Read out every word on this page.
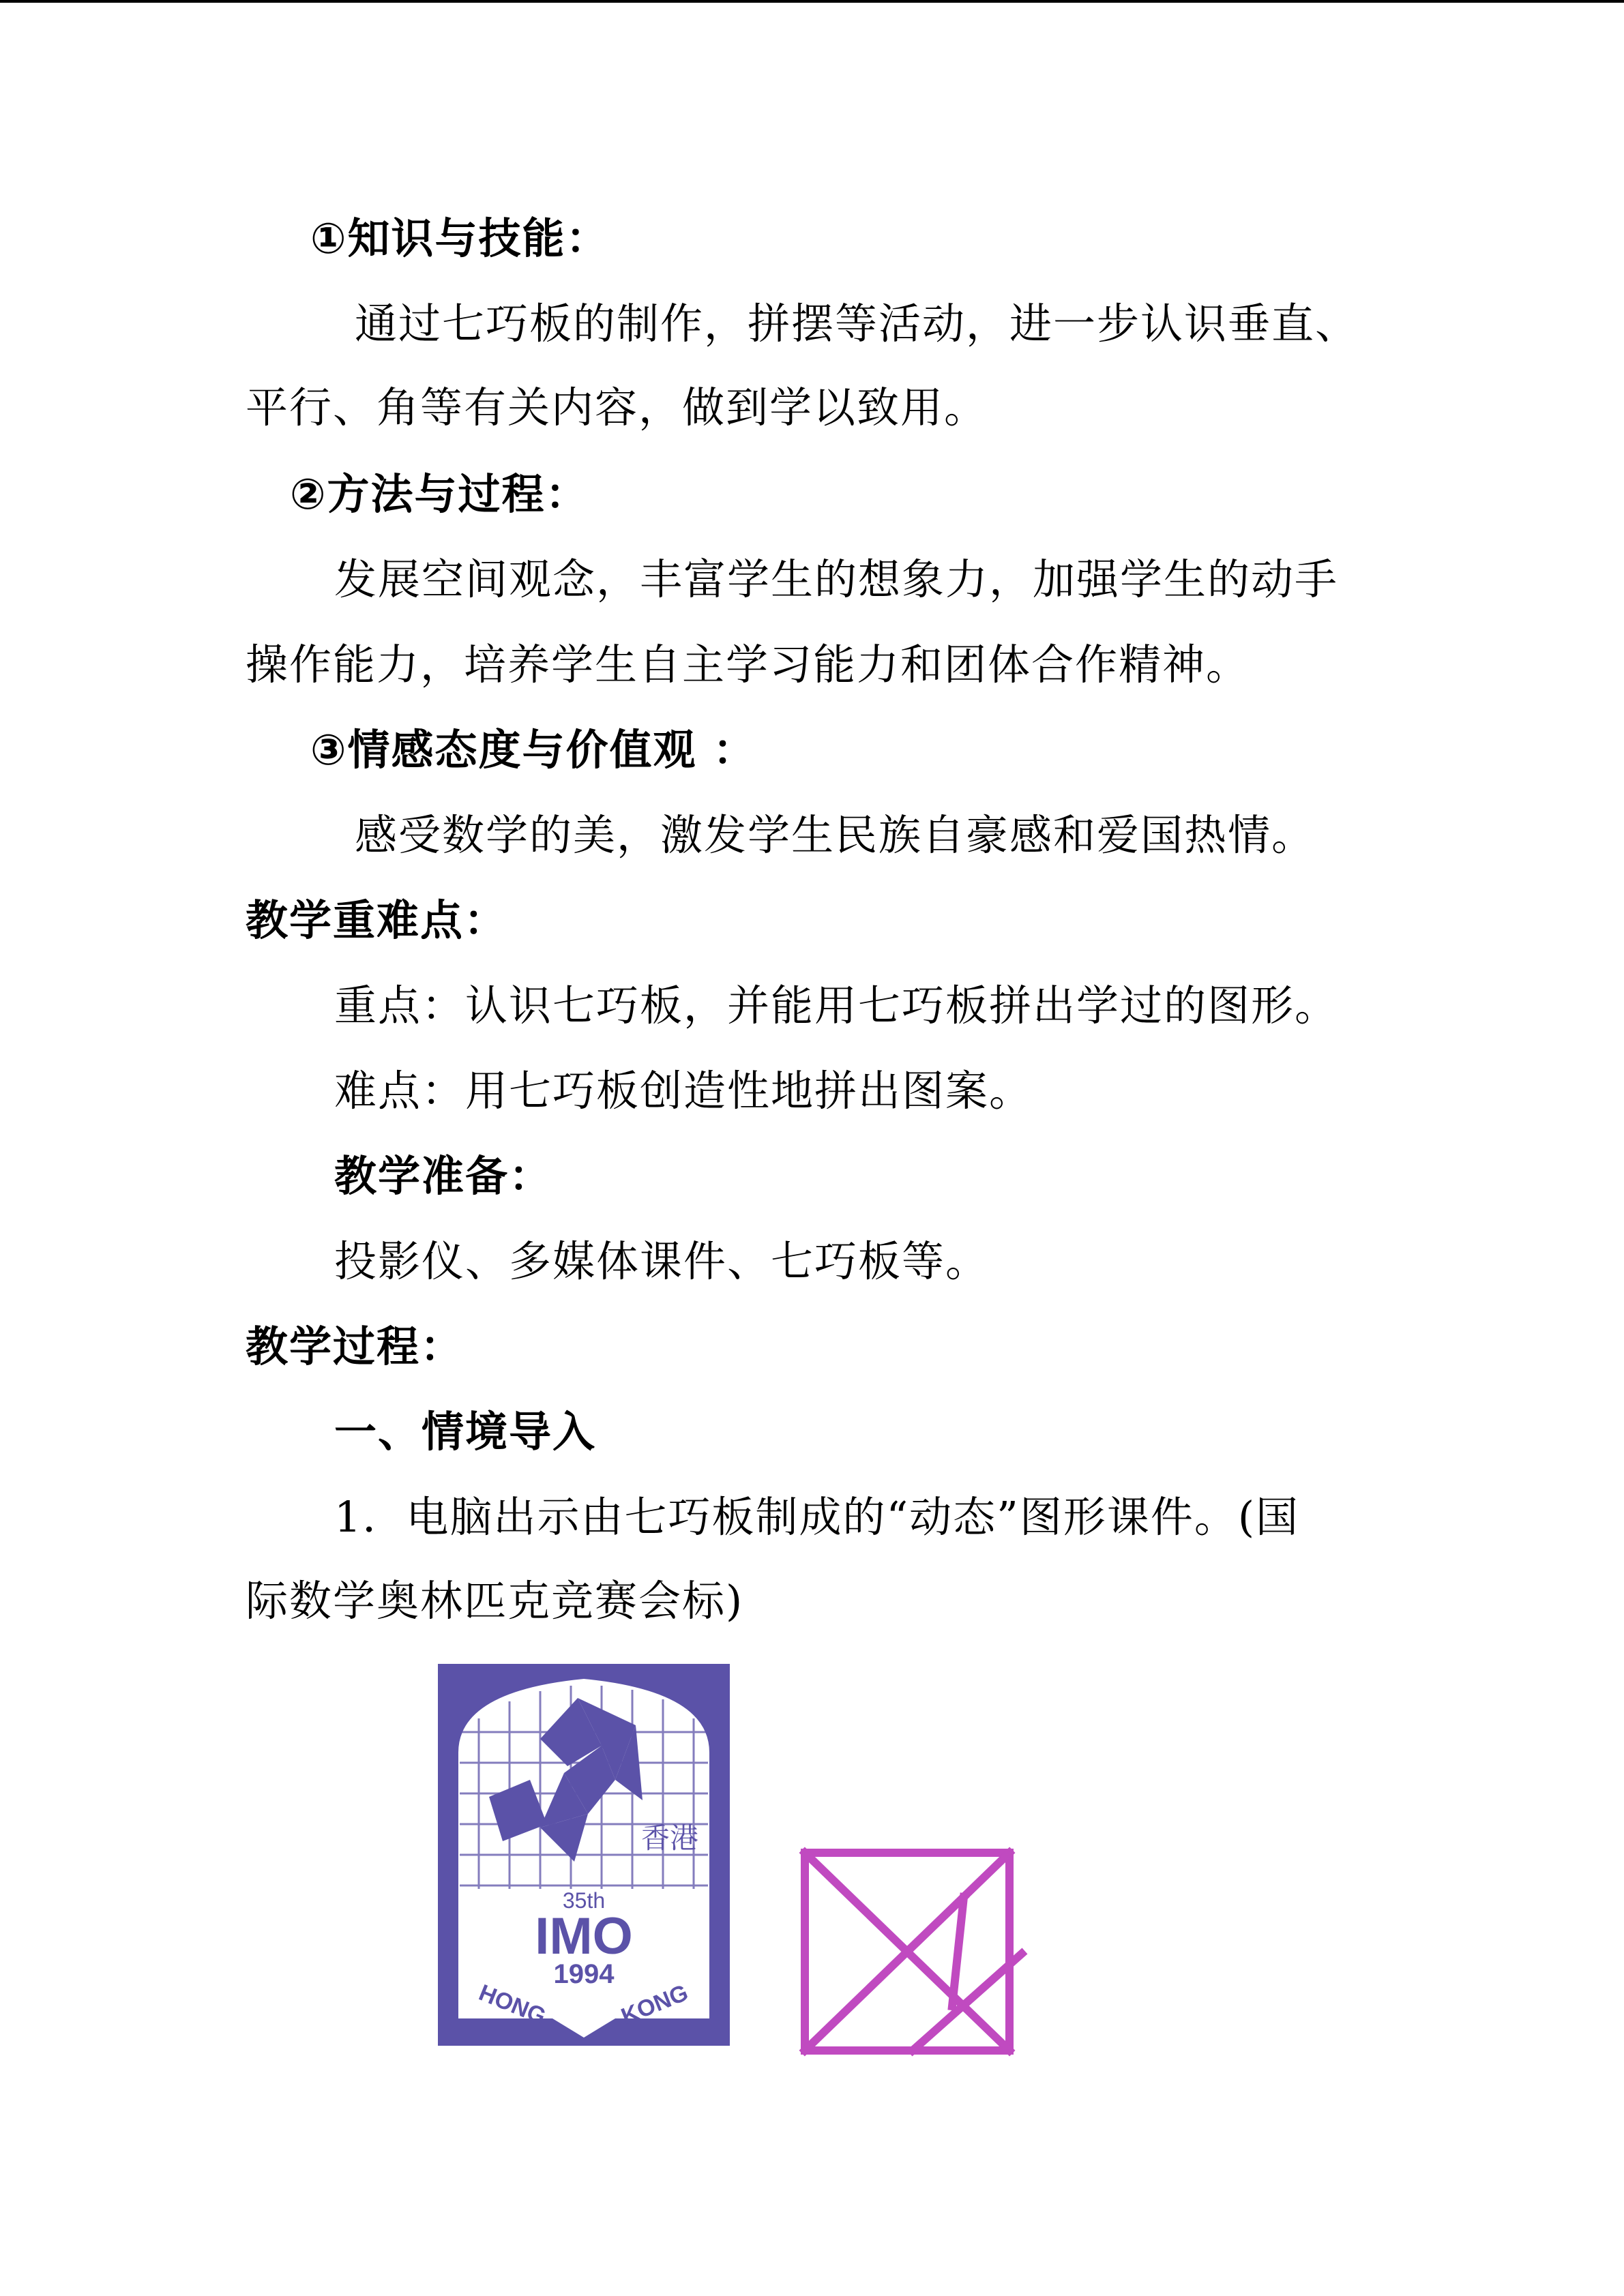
①知识与技能：
通过七巧板的制作，拼摆等活动，进一步认识垂直、
平行、角等有关内容，做到学以致用。
②方法与过程：
发展空间观念，丰富学生的想象力，加强学生的动手
操作能力，培养学生自主学习能力和团体合作精神。
③情感态度与价值观 ：
感受数学的美，激发学生民族自豪感和爱国热情。
教学重难点：
重点：认识七巧板，并能用七巧板拼出学过的图形。
难点：用七巧板创造性地拼出图案。
教学准备：
投影仪、多媒体课件、七巧板等。
教学过程：
一、情境导入
1．电脑出示由七巧板制成的“动态”图形课件。(国
际数学奥林匹克竞赛会标)
香港
35th
IMO
1994
HONG	KONG
